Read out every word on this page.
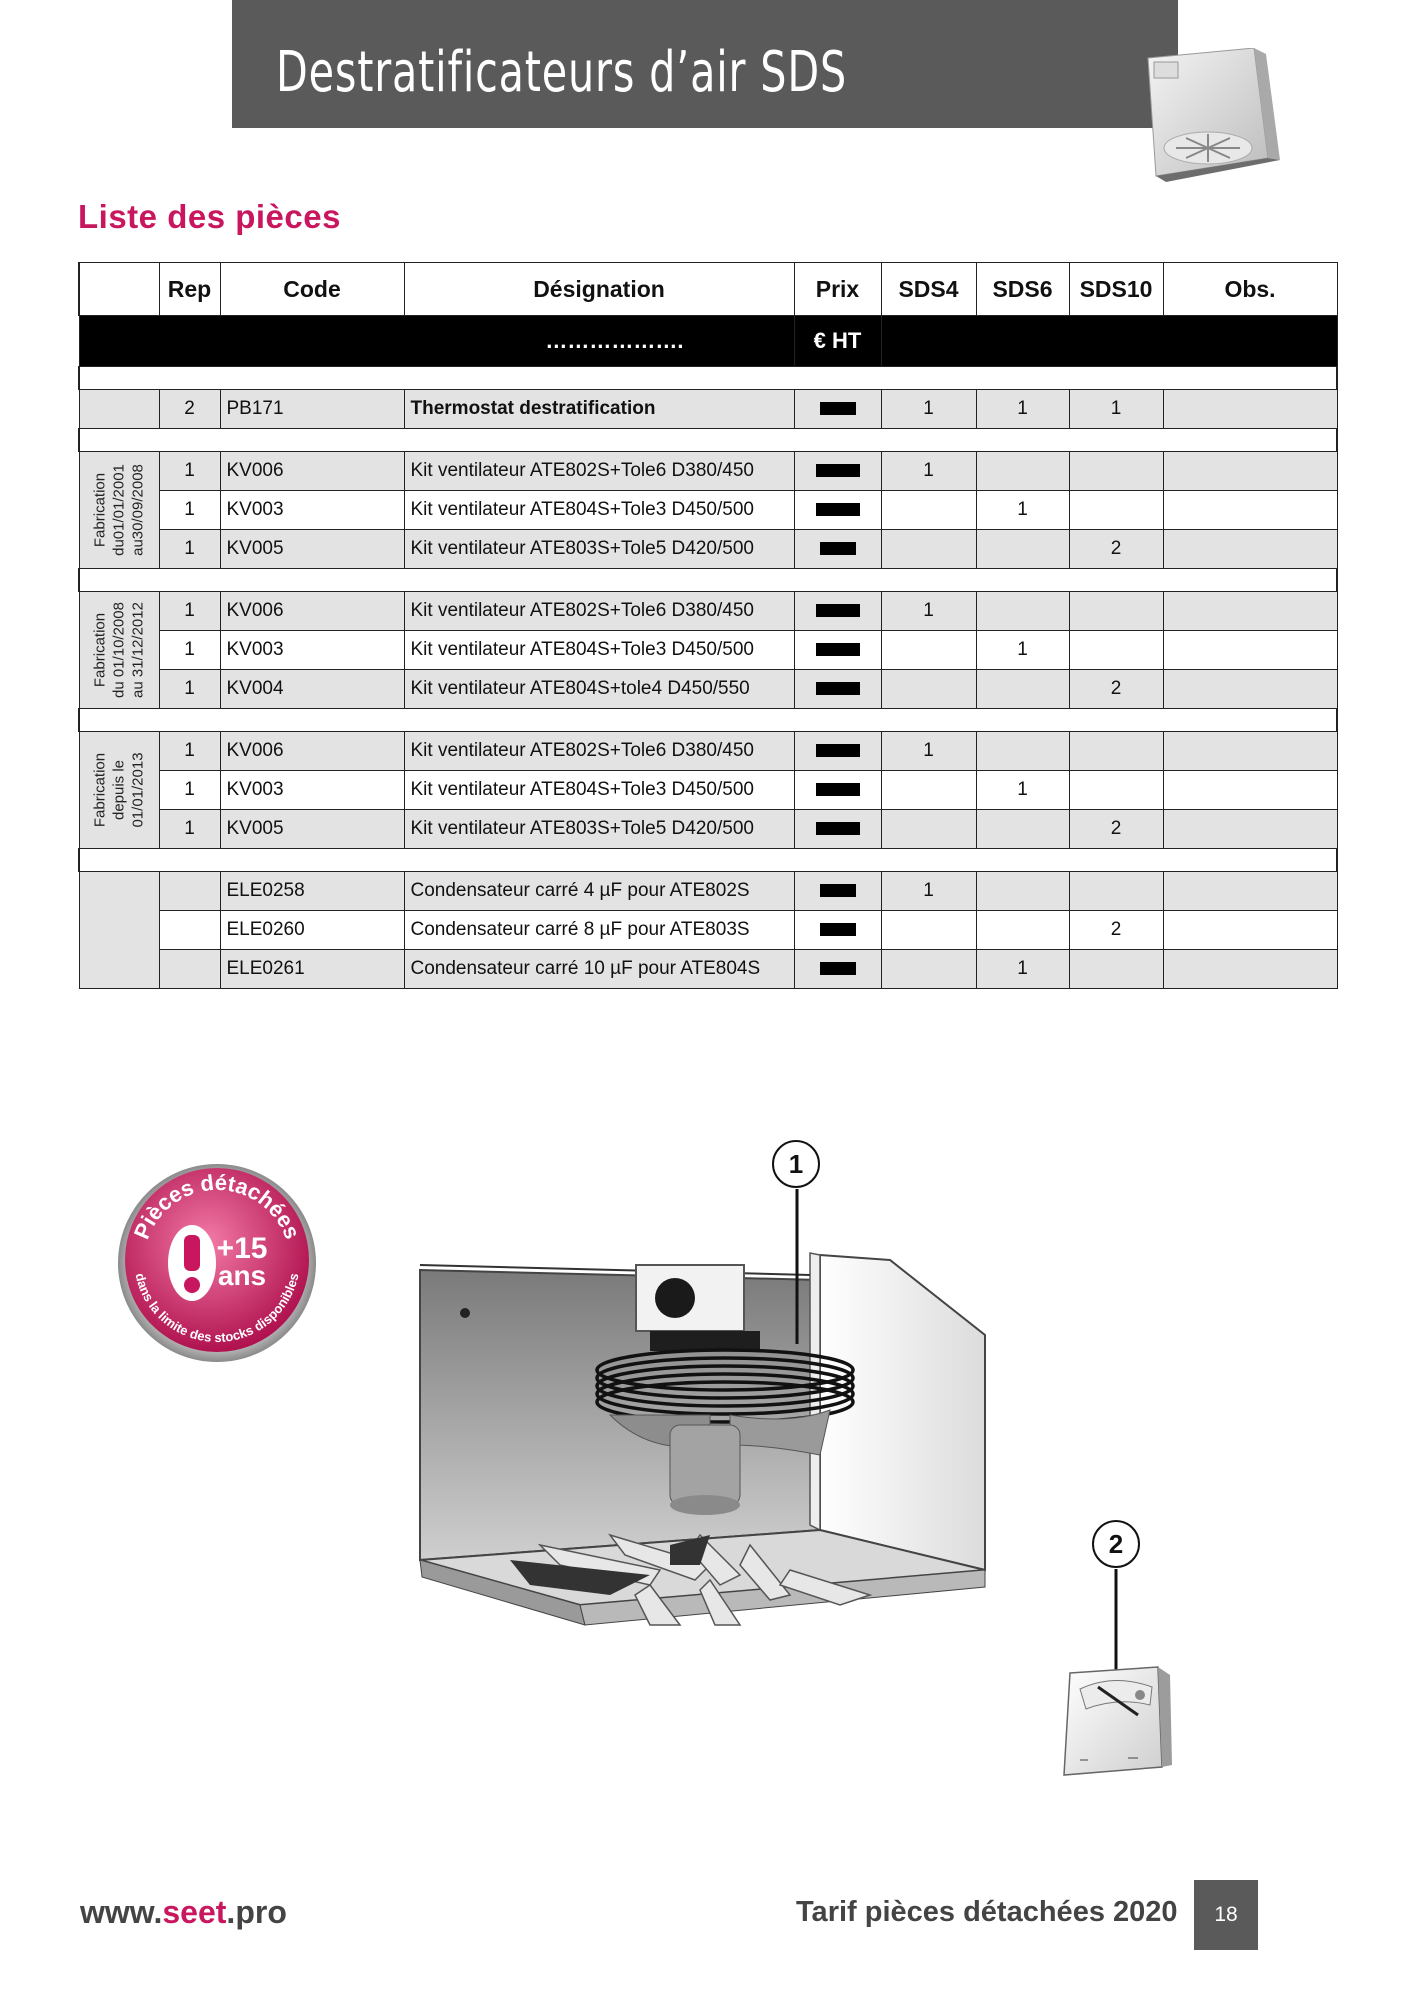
Destratificateurs d’air SDS
Liste des pièces
	Rep	Code	Désignation	Prix	SDS4	SDS6	SDS10	Obs.
……………….				€ HT				

	2	PB171	Thermostat destratification		1	1	1	

Fabrication du01/01/2001 au30/09/2008	1	KV006	Kit ventilateur ATE802S+Tole6 D380/450		1			
	1	KV003	Kit ventilateur ATE804S+Tole3 D450/500			1		
	1	KV005	Kit ventilateur ATE803S+Tole5 D420/500				2	

Fabrication du 01/10/2008 au 31/12/2012	1	KV006	Kit ventilateur ATE802S+Tole6 D380/450		1			
	1	KV003	Kit ventilateur ATE804S+Tole3 D450/500			1		
	1	KV004	Kit ventilateur ATE804S+tole4 D450/550				2	

Fabrication depuis le 01/01/2013	1	KV006	Kit ventilateur ATE802S+Tole6 D380/450		1			
	1	KV003	Kit ventilateur ATE804S+Tole3 D450/500			1		
	1	KV005	Kit ventilateur ATE803S+Tole5 D420/500				2	

		ELE0258	Condensateur carré 4 µF pour ATE802S		1			
		ELE0260	Condensateur carré 8 µF pour ATE803S				2	
		ELE0261	Condensateur carré 10 µF pour ATE804S			1		
Pièces détachées
dans la limite des stocks disponibles
+15
ans
1
2
www.seet.pro	Tarif pièces détachées 2020	18
